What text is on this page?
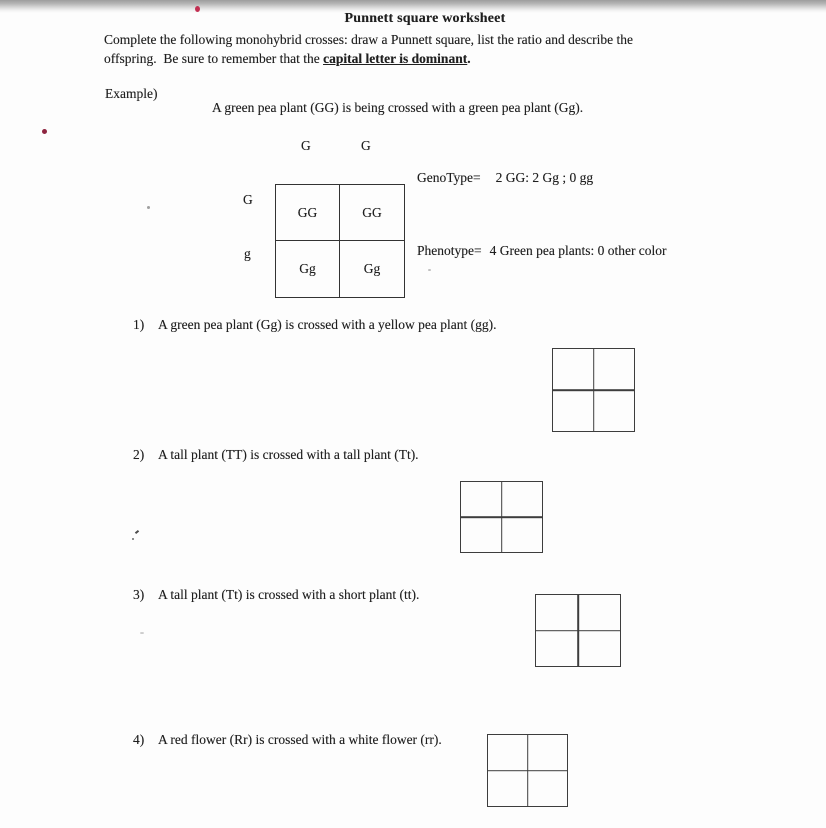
Punnett square worksheet
Complete the following monohybrid crosses: draw a Punnett square, list the ratio and describe the
offspring.  Be sure to remember that the capital letter is dominant.
Example)
A green pea plant (GG) is being crossed with a green pea plant (Gg).
G	G
G
g
GG	GG
Gg	Gg
GenoType= 2 GG: 2 Gg ; 0 gg
Phenotype= 4 Green pea plants: 0 other color
1) A green pea plant (Gg) is crossed with a yellow pea plant (gg).
2) A tall plant (TT) is crossed with a tall plant (Tt).
3) A tall plant (Tt) is crossed with a short plant (tt).
4) A red flower (Rr) is crossed with a white flower (rr).
